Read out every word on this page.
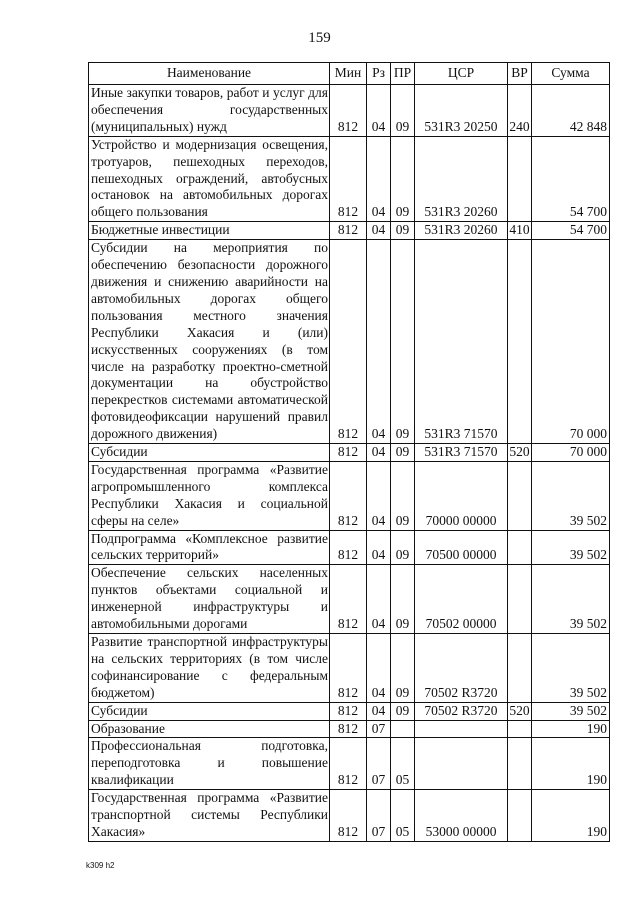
159
Наименование	Мин	Рз	ПР	ЦСР	ВР	Сумма
Иные закупки товаров, работ и услуг для обеспечения государственных (муниципальных) нужд	812	04	09	531R3 20250	240	42 848
Устройство и модернизация освещения, тротуаров, пешеходных переходов, пешеходных ограждений, автобусных остановок на автомобильных дорогах общего пользования	812	04	09	531R3 20260		54 700
Бюджетные инвестиции	812	04	09	531R3 20260	410	54 700
Субсидии на мероприятия по обеспечению безопасности дорожного движения и снижению аварийности на автомобильных дорогах общего пользования местного значения Республики Хакасия и (или) искусственных сооружениях (в том числе на разработку проектно-сметной документации на обустройство перекрестков системами автоматической фотовидеофиксации нарушений правил дорожного движения)	812	04	09	531R3 71570		70 000
Субсидии	812	04	09	531R3 71570	520	70 000
Государственная программа «Развитие агропромышленного комплекса Республики Хакасия и социальной сферы на селе»	812	04	09	70000 00000		39 502
Подпрограмма «Комплексное развитие сельских территорий»	812	04	09	70500 00000		39 502
Обеспечение сельских населенных пунктов объектами социальной и инженерной инфраструктуры и автомобильными дорогами	812	04	09	70502 00000		39 502
Развитие транспортной инфраструктуры на сельских территориях (в том числе софинансирование с федеральным бюджетом)	812	04	09	70502 R3720		39 502
Субсидии	812	04	09	70502 R3720	520	39 502
Образование	812	07				190
Профессиональная подготовка, переподготовка и повышение квалификации	812	07	05			190
Государственная программа «Развитие транспортной системы Республики Хакасия»	812	07	05	53000 00000		190
k309 h2
